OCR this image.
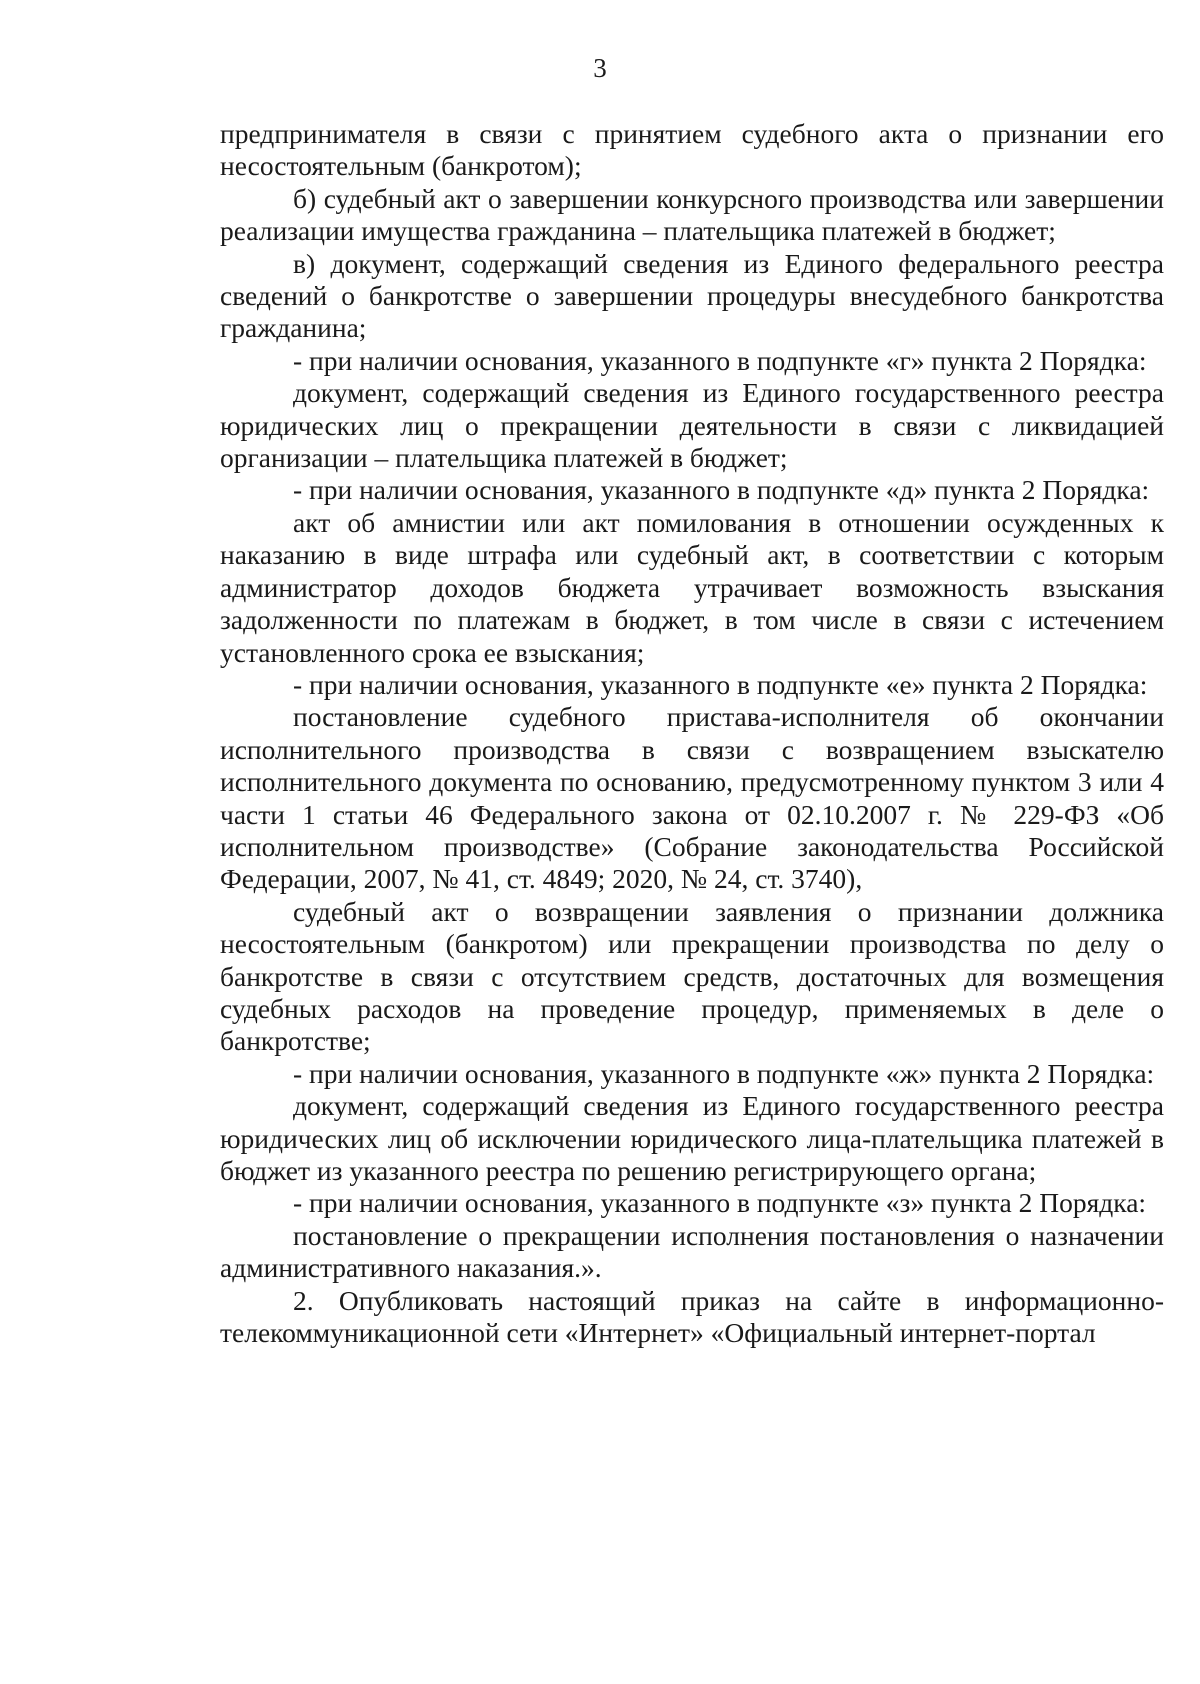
3

предпринимателя в связи с принятием судебного акта о признании его несостоятельным (банкротом);

б) судебный акт о завершении конкурсного производства или завершении реализации имущества гражданина – плательщика платежей в бюджет;

в) документ, содержащий сведения из Единого федерального реестра сведений о банкротстве о завершении процедуры внесудебного банкротства гражданина;

- при наличии основания, указанного в подпункте «г» пункта 2 Порядка:

документ, содержащий сведения из Единого государственного реестра юридических лиц о прекращении деятельности в связи с ликвидацией организации – плательщика платежей в бюджет;

- при наличии основания, указанного в подпункте «д» пункта 2 Порядка:

акт об амнистии или акт помилования в отношении осужденных к наказанию в виде штрафа или судебный акт, в соответствии с которым администратор доходов бюджета утрачивает возможность взыскания задолженности по платежам в бюджет, в том числе в связи с истечением установленного срока ее взыскания;

- при наличии основания, указанного в подпункте «е» пункта 2 Порядка:

постановление судебного пристава-исполнителя об окончании исполнительного производства в связи с возвращением взыскателю исполнительного документа по основанию, предусмотренному пунктом 3 или 4 части 1 статьи 46 Федерального закона от 02.10.2007 г. № 229-ФЗ «Об исполнительном производстве» (Собрание законодательства Российской Федерации, 2007, № 41, ст. 4849; 2020, № 24, ст. 3740),

судебный акт о возвращении заявления о признании должника несостоятельным (банкротом) или прекращении производства по делу о банкротстве в связи с отсутствием средств, достаточных для возмещения судебных расходов на проведение процедур, применяемых в деле о банкротстве;

- при наличии основания, указанного в подпункте «ж» пункта 2 Порядка:

документ, содержащий сведения из Единого государственного реестра юридических лиц об исключении юридического лица-плательщика платежей в бюджет из указанного реестра по решению регистрирующего органа;

- при наличии основания, указанного в подпункте «з» пункта 2 Порядка:

постановление о прекращении исполнения постановления о назначении административного наказания.».

2. Опубликовать настоящий приказ на сайте в информационно-телекоммуникационной сети «Интернет» «Официальный интернет-портал
